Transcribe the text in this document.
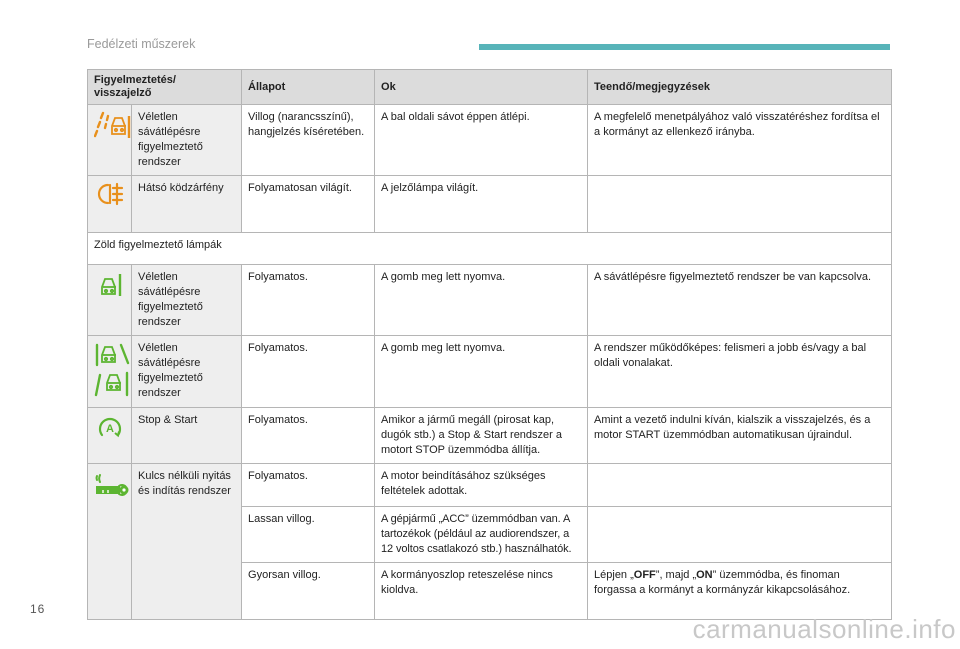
Fedélzeti műszerek
Figyelmeztetés/ visszajelző		Állapot	Ok	Teendő/megjegyzések

	Véletlen sávátlépésre figyelmeztető rendszer	Villog (narancsszínű), hangjelzés kíséretében.	A bal oldali sávot éppen átlépi.	A megfelelő menetpályához való visszatéréshez fordítsa el a kormányt az ellenkező irányba.

	Hátsó ködzárfény	Folyamatosan világít.	A jelzőlámpa világít.	
Zöld figyelmeztető lámpák				

	Véletlen sávátlépésre figyelmeztető rendszer	Folyamatos.	A gomb meg lett nyomva.	A sávátlépésre figyelmeztető rendszer be van kapcsolva.

	Véletlen sávátlépésre figyelmeztető rendszer	Folyamatos.	A gomb meg lett nyomva.	A rendszer működőképes: felismeri a jobb és/vagy a bal oldali vonalakat.

A	Stop & Start	Folyamatos.	Amikor a jármű megáll (pirosat kap, dugók stb.) a Stop & Start rendszer a motort STOP üzemmódba állítja.	Amint a vezető indulni kíván, kialszik a visszajelzés, és a motor START üzemmódban automatikusan újraindul.

	Kulcs nélküli nyitás és indítás rendszer	Folyamatos.	A motor beindításához szükséges feltételek adottak.	
		Lassan villog.	A gépjármű „ACC” üzemmódban van. A tartozékok (például az audiorendszer, a 12 voltos csatlakozó stb.) használhatók.	
		Gyorsan villog.	A kormányoszlop reteszelése nincs kioldva.	Lépjen „OFF”, majd „ON” üzemmódba, és finoman forgassa a kormányt a kormányzár kikapcsolásához.
16
carmanualsonline.info
